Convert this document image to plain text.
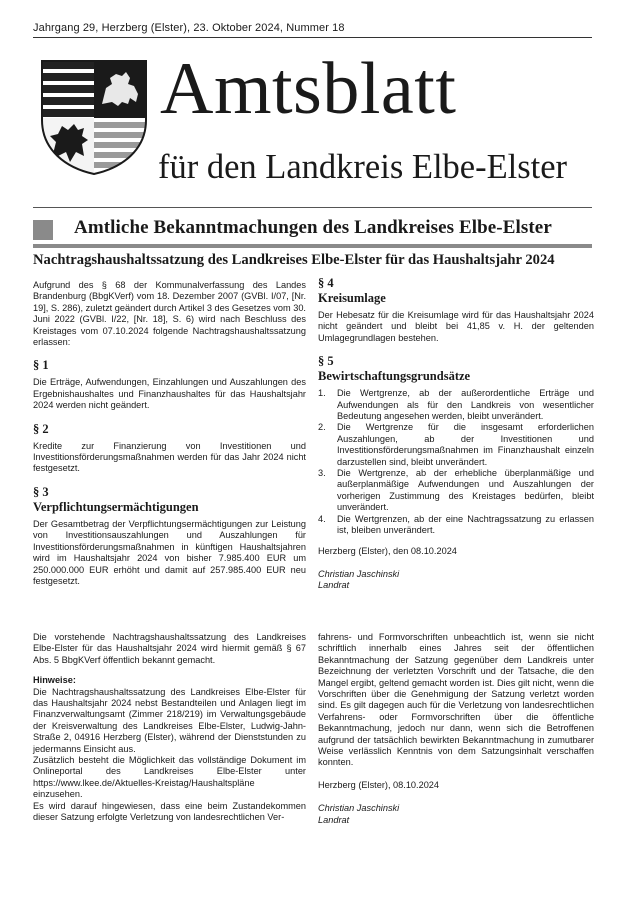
Jahrgang 29, Herzberg (Elster), 23. Oktober 2024, Nummer 18
Amtsblatt
für den Landkreis Elbe-Elster
Amtliche Bekanntmachungen des Landkreises Elbe-Elster
Nachtragshaushaltssatzung des Landkreises Elbe-Elster für das Haushaltsjahr 2024

Aufgrund des § 68 der Kommunalverfassung des Landes Brandenburg (BbgKVerf) vom 18. Dezember 2007 (GVBl. I/07, [Nr. 19], S. 286), zuletzt geändert durch Artikel 3 des Gesetzes vom 30. Juni 2022 (GVBl. I/22, [Nr. 18], S. 6) wird nach Beschluss des Kreistages vom 07.10.2024 folgende Nachtragshaushaltssatzung erlassen:

§ 1

Die Erträge, Aufwendungen, Einzahlungen und Auszahlungen des Ergebnishaushaltes und Finanzhaushaltes für das Haushaltsjahr 2024 werden nicht geändert.

§ 2

Kredite zur Finanzierung von Investitionen und Investitionsförderungsmaßnahmen werden für das Jahr 2024 nicht festgesetzt.

§ 3
Verpflichtungsermächtigungen

Der Gesamtbetrag der Verpflichtungsermächtigungen zur Leistung von Investitionsauszahlungen und Auszahlungen für Investitionsförderungsmaßnahmen in künftigen Haushaltsjahren wird im Haushaltsjahr 2024 von bisher 7.985.400 EUR um 250.000.000 EUR erhöht und damit auf 257.985.400 EUR neu festgesetzt.

§ 4
Kreisumlage

Der Hebesatz für die Kreisumlage wird für das Haushaltsjahr 2024 nicht geändert und bleibt bei 41,85 v. H. der geltenden Umlagegrundlagen bestehen.

§ 5
Bewirtschaftungsgrundsätze
1.	Die Wertgrenze, ab der außerordentliche Erträge und Aufwendungen als für den Landkreis von wesentlicher Bedeutung angesehen werden, bleibt unverändert.
2.	Die Wertgrenze für die insgesamt erforderlichen Auszahlungen, ab der Investitionen und Investitionsförderungsmaßnahmen im Finanzhaushalt einzeln darzustellen sind, bleibt unverändert.
3.	Die Wertgrenze, ab der erhebliche überplanmäßige und außerplanmäßige Aufwendungen und Auszahlungen der vorherigen Zustimmung des Kreistages bedürfen, bleibt unverändert.
4.	Die Wertgrenzen, ab der eine Nachtragssatzung zu erlassen ist, bleiben unverändert.

Herzberg (Elster), den 08.10.2024

Christian Jaschinski

Landrat

Die vorstehende Nachtragshaushaltssatzung des Landkreises Elbe-Elster für das Haushaltsjahr 2024 wird hiermit gemäß § 67 Abs. 5 BbgKVerf öffentlich bekannt gemacht.

Hinweise:

Die Nachtragshaushaltssatzung des Landkreises Elbe-Elster für das Haushaltsjahr 2024 nebst Bestandteilen und Anlagen liegt im Finanzverwaltungsamt (Zimmer 218/219) im Verwaltungsgebäude der Kreisverwaltung des Landkreises Elbe-Elster, Ludwig-Jahn-Straße 2, 04916 Herzberg (Elster), während der Dienststunden zu jedermanns Einsicht aus.

Zusätzlich besteht die Möglichkeit das vollständige Dokument im Onlineportal des Landkreises Elbe-Elster unter https://www.lkee.de/Aktuelles-Kreistag/Haushaltspläne einzusehen.

Es wird darauf hingewiesen, dass eine beim Zustandekommen dieser Satzung erfolgte Verletzung von landesrechtlichen Ver-

fahrens- und Formvorschriften unbeachtlich ist, wenn sie nicht schriftlich innerhalb eines Jahres seit der öffentlichen Bekanntmachung der Satzung gegenüber dem Landkreis unter Bezeichnung der verletzten Vorschrift und der Tatsache, die den Mangel ergibt, geltend gemacht worden ist. Dies gilt nicht, wenn die Vorschriften über die Genehmigung der Satzung verletzt worden sind. Es gilt dagegen auch für die Verletzung von landesrechtlichen Verfahrens- oder Formvorschriften über die öffentliche Bekanntmachung, jedoch nur dann, wenn sich die Betroffenen aufgrund der tatsächlich bewirkten Bekanntmachung in zumutbarer Weise verlässlich Kenntnis von dem Satzungsinhalt verschaffen konnten.

Herzberg (Elster), 08.10.2024

Christian Jaschinski

Landrat
